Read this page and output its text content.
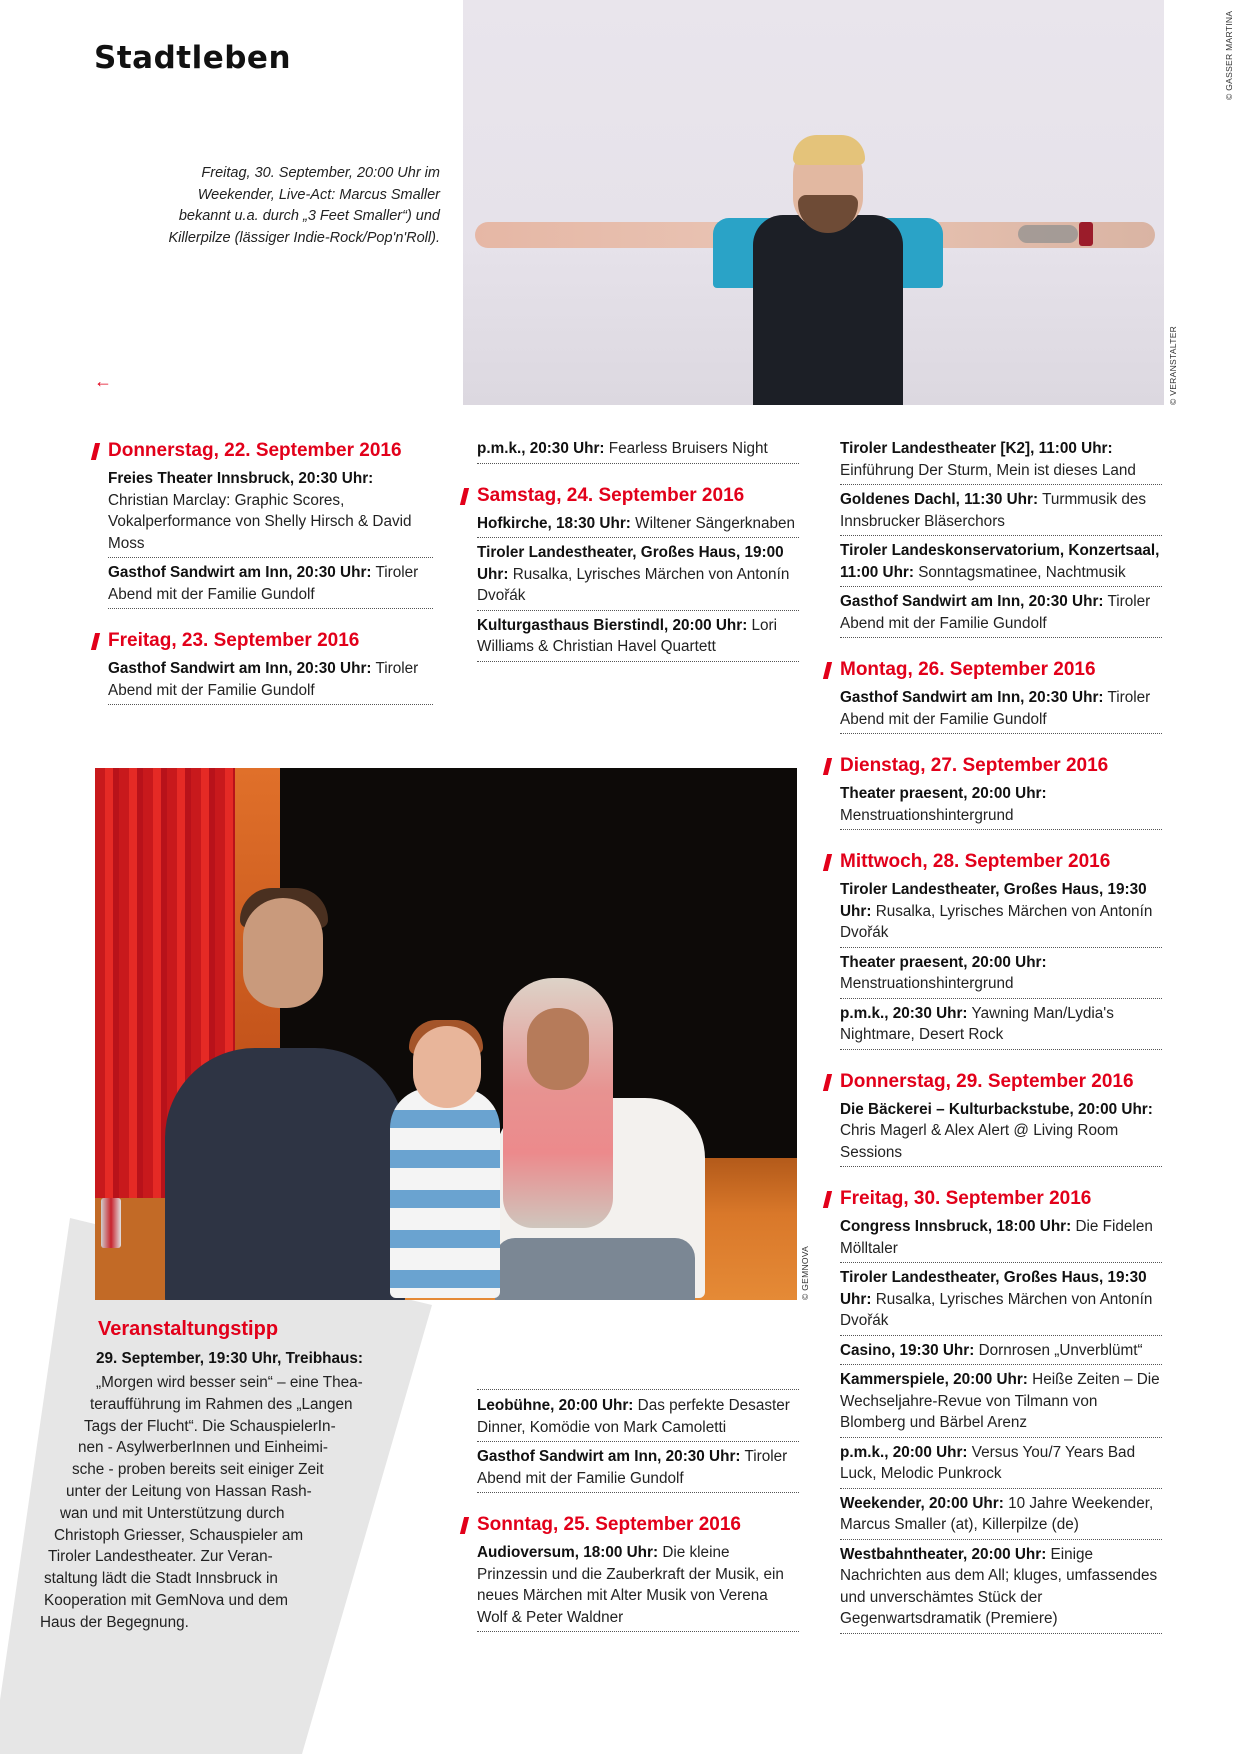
Stadtleben
Freitag, 30. September, 20:00 Uhr im
Weekender, Live-Act: Marcus Smaller
bekannt u.a. durch „3 Feet Smaller“) und
Killerpilze (lässiger Indie-Rock/Pop'n'Roll).
© VERANSTALTER
© GASSER MARTINA
←
Donnerstag, 22. September 2016
Freies Theater Innsbruck, 20:30 Uhr: Christian Marclay: Graphic Scores, Vokalperformance von Shelly Hirsch & David Moss
Gasthof Sandwirt am Inn, 20:30 Uhr: Tiroler Abend mit der Familie Gundolf
Freitag, 23. September 2016
Gasthof Sandwirt am Inn, 20:30 Uhr: Tiroler Abend mit der Familie Gundolf
p.m.k., 20:30 Uhr: Fearless Bruisers Night
Samstag, 24. September 2016
Hofkirche, 18:30 Uhr: Wiltener Sängerknaben
Tiroler Landestheater, Großes Haus, 19:00 Uhr: Rusalka, Lyrisches Märchen von Antonín Dvořák
Kulturgasthaus Bierstindl, 20:00 Uhr: Lori Williams & Christian Havel Quartett
Leobühne, 20:00 Uhr: Das perfekte Desaster Dinner, Komödie von Mark Camoletti
Gasthof Sandwirt am Inn, 20:30 Uhr: Tiroler Abend mit der Familie Gundolf
Sonntag, 25. September 2016
Audioversum, 18:00 Uhr: Die kleine Prinzessin und die Zauberkraft der Musik, ein neues Märchen mit Alter Musik von Verena Wolf & Peter Waldner
Tiroler Landestheater [K2], 11:00 Uhr: Einführung Der Sturm, Mein ist dieses Land
Goldenes Dachl, 11:30 Uhr: Turmmusik des Innsbrucker Bläserchors
Tiroler Landeskonservatorium, Konzertsaal, 11:00 Uhr: Sonntagsmatinee, Nachtmusik
Gasthof Sandwirt am Inn, 20:30 Uhr: Tiroler Abend mit der Familie Gundolf
Montag, 26. September 2016
Gasthof Sandwirt am Inn, 20:30 Uhr: Tiroler Abend mit der Familie Gundolf
Dienstag, 27. September 2016
Theater praesent, 20:00 Uhr: Menstruationshintergrund
Mittwoch, 28. September 2016
Tiroler Landestheater, Großes Haus, 19:30 Uhr: Rusalka, Lyrisches Märchen von Antonín Dvořák
Theater praesent, 20:00 Uhr: Menstruationshintergrund
p.m.k., 20:30 Uhr: Yawning Man/Lydia's Nightmare, Desert Rock
Donnerstag, 29. September 2016
Die Bäckerei – Kulturbackstube, 20:00 Uhr: Chris Magerl & Alex Alert @ Living Room Sessions
Freitag, 30. September 2016
Congress Innsbruck, 18:00 Uhr: Die Fidelen Mölltaler
Tiroler Landestheater, Großes Haus, 19:30 Uhr: Rusalka, Lyrisches Märchen von Antonín Dvořák
Casino, 19:30 Uhr: Dornrosen „Unverblümt“
Kammerspiele, 20:00 Uhr: Heiße Zeiten – Die Wechseljahre-Revue von Tilmann von Blomberg und Bärbel Arenz
p.m.k., 20:00 Uhr: Versus You/7 Years Bad Luck, Melodic Punkrock
Weekender, 20:00 Uhr: 10 Jahre Weekender, Marcus Smaller (at), Killerpilze (de)
Westbahntheater, 20:00 Uhr: Einige Nachrichten aus dem All; kluges, umfassendes und unverschämtes Stück der Gegenwartsdramatik (Premiere)
© GEMNOVA
Veranstaltungstipp
29. September, 19:30 Uhr, Treibhaus:
„Morgen wird besser sein“ – eine Thea-
teraufführung im Rahmen des „Langen
Tags der Flucht“. Die SchauspielerIn-
nen - AsylwerberInnen und Einheimi-
sche - proben bereits seit einiger Zeit
unter der Leitung von Hassan Rash-
wan und mit Unterstützung durch
Christoph Griesser, Schauspieler am
Tiroler Landestheater. Zur Veran-
staltung lädt die Stadt Innsbruck in
Kooperation mit GemNova und dem
Haus der Begegnung.
